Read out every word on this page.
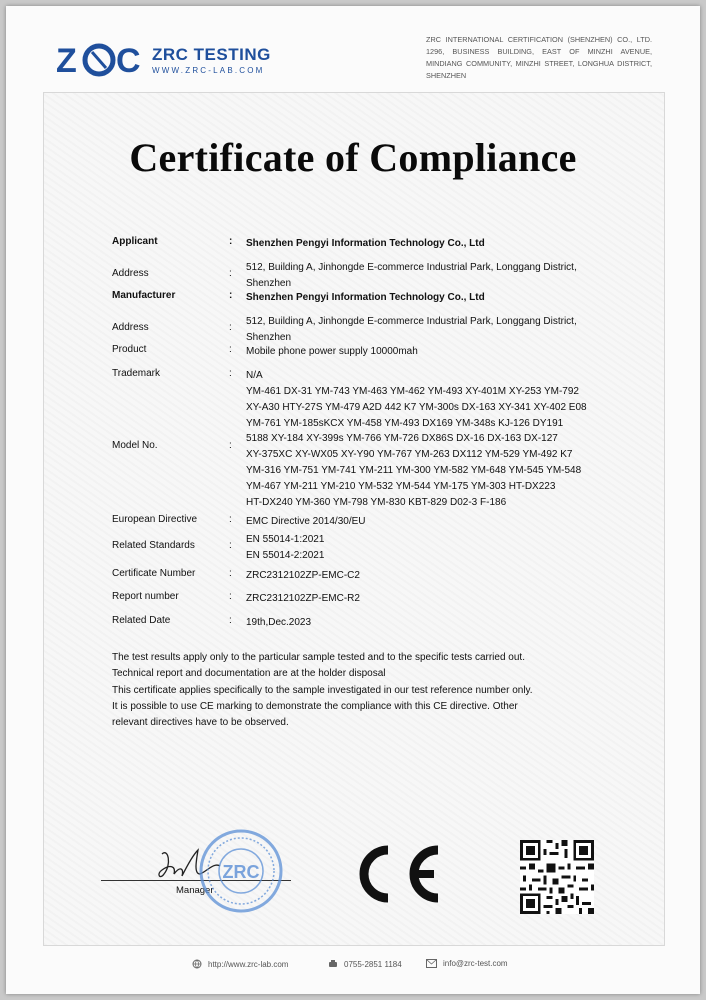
Z C ZRC TESTING
WWW.ZRC-LAB.COM
ZRC INTERNATIONAL CERTIFICATION (SHENZHEN) CO., LTD. 1296, BUSINESS BUILDING, EAST OF MINZHI AVENUE, MINDIANG COMMUNITY, MINZHI STREET, LONGHUA DISTRICT, SHENZHEN
Certificate of Compliance
Applicant	: Shenzhen Pengyi Information Technology Co., Ltd
Address	:
512, Building A, Jinhongde E-commerce Industrial Park, Longgang District, Shenzhen
Manufacturer	: Shenzhen Pengyi Information Technology Co., Ltd
Address	:
512, Building A, Jinhongde E-commerce Industrial Park, Longgang District, Shenzhen
Product	: Mobile phone power supply 10000mah
Trademark	: N/A
Model No.	:
YM-461 DX-31 YM-743 YM-463 YM-462 YM-493 XY-401M XY-253 YM-792
XY-A30 HTY-27S YM-479 A2D 442 K7 YM-300s DX-163 XY-341 XY-402 E08
YM-761 YM-185sKCX YM-458 YM-493 DX169 YM-348s KJ-126 DY191
5188 XY-184 XY-399s YM-766 YM-726 DX86S DX-16 DX-163 DX-127
XY-375XC XY-WX05 XY-Y90 YM-767 YM-263 DX112 YM-529 YM-492 K7
YM-316 YM-751 YM-741 YM-211 YM-300 YM-582 YM-648 YM-545 YM-548
YM-467 YM-211 YM-210 YM-532 YM-544 YM-175 YM-303 HT-DX223
HT-DX240 YM-360 YM-798 YM-830 KBT-829 D02-3 F-186
European Directive	: EMC Directive 2014/30/EU
Related Standards	:
EN 55014-1:2021
EN 55014-2:2021
Certificate Number	: ZRC2312102ZP-EMC-C2
Report number	: ZRC2312102ZP-EMC-R2
Related Date	: 19th,Dec.2023
The test results apply only to the particular sample tested and to the specific tests carried out.
Technical report and documentation are at the holder disposal
This certificate applies specifically to the sample investigated in our test reference number only.
It is possible to use CE marking to demonstrate the compliance with this CE directive. Other
relevant directives have to be observed.
Manager
ZRC
http://www.zrc-lab.com	0755-2851 1184	info@zrc-test.com
